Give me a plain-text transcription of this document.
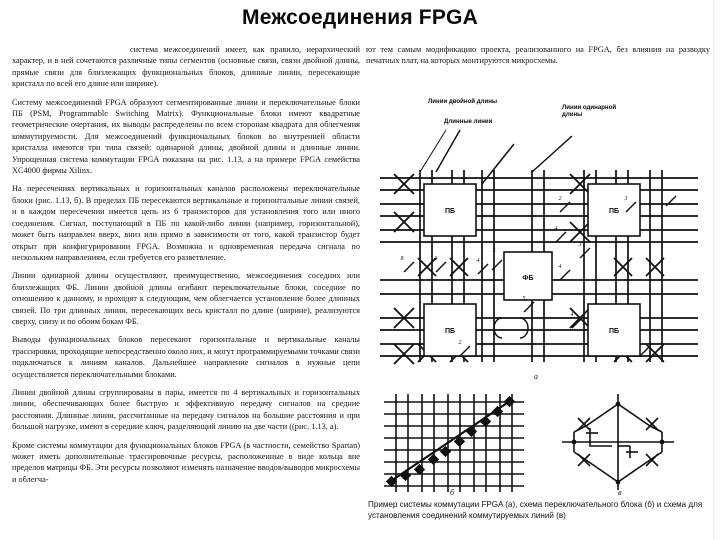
Межсоединения FPGA

система межсоединений имеет, как правило, иерархический характер, и в ней сочетаются различные типы сегментов (основные связи, связи двойной длины, прямые связи для близлежащих функциональных блоков, длинные линии, пересекающие кристалл по всей его длине или ширине).

Систему межсоединений FPGA образуют сегментированные линии и переключательные блоки ПБ (PSM, Programmable Switching Matrix). Функциональные блоки имеют квадратные геометрические очертания, их выводы распределены по всем сторонам квадрата для облегчения коммутируемости. Для межсоединений функциональных блоков во внутренней области кристалла имеются три типа связей: одинарной длины, двойной длины и длинные линии. Упрощенная система коммутации FPGA показана на рис. 1.13, а на примере FPGA семейства XC4000 фирмы Xilinx.

На пересечениях вертикальных и горизонтальных каналов расположены переключательные блоки (рис. 1.13, б). В пределах ПБ пересекаются вертикальные и горизонтальные линии связей, и в каждом пересечении имеется цепь из 6 транзисторов для установления того или иного соединения. Сигнал, поступающий в ПБ по какой-либо линии (например, горизонтальной), может быть направлен вверх, вниз или прямо в зависимости от того, какой транзистор будет открыт при конфигурировании FPGA. Возможна и одновременная передача сигнала по нескольким направлениям, если требуется его разветвление.

Линии одинарной длины осуществляют, преимущественно, межсоединения соседних или близлежащих ФБ. Линии двойной длины огибают переключательные блоки, соседние по отношению к данному, и проходят к следующим, чем облегчается установление более длинных связей. По три длинных линии, пересекающих весь кристалл по длине (ширине), реализуются сверху, снизу и по обоим бокам ФБ.

Выводы функциональных блоков пересекают горизонтальные и вертикальные каналы трассировки, проходящие непосредственно около них, и могут программируемыми точками связи подключаться к линиям каналов. Дальнейшее направление сигналов в нужные цепи осуществляется переключательными блоками.

Линии двойной длины сгруппированы в пары, имеется по 4 вертикальных и горизонтальных линии, обеспечивающих более быструю и эффективную передачу сигналов на средние расстояния. Длинные линии, рассчитанные на передачу сигналов на большие расстояния и при большой нагрузке, имеют в середине ключ, разделяющий линию на две части ((рис. 1.13, а).

Кроме системы коммутации для функциональных блоков FPGA (в частности, семейство Spartan) может иметь дополнительные трассировочные ресурсы, расположенные в виде кольца вне пределов матрицы ФБ. Эти ресурсы позволяют изменять назначение вводов/выводов микросхемы и облегча-

ют тем самым модификацию проекта, реализованного на FPGA, без влияния на разводку печатных плат, на которых монтируются микросхемы.

Линии двойной длины
Длинные линии
Линии одинарной длины
ПБ	ПБ
ПБ	ПБ
ФБ
8	3	4
5
2
4
3
4
5
3
4
2
а
б	в
Пример системы коммутации FPGA (а), схема переключательного блока (б) и схема для установления соединений коммутируемых линий (в)
